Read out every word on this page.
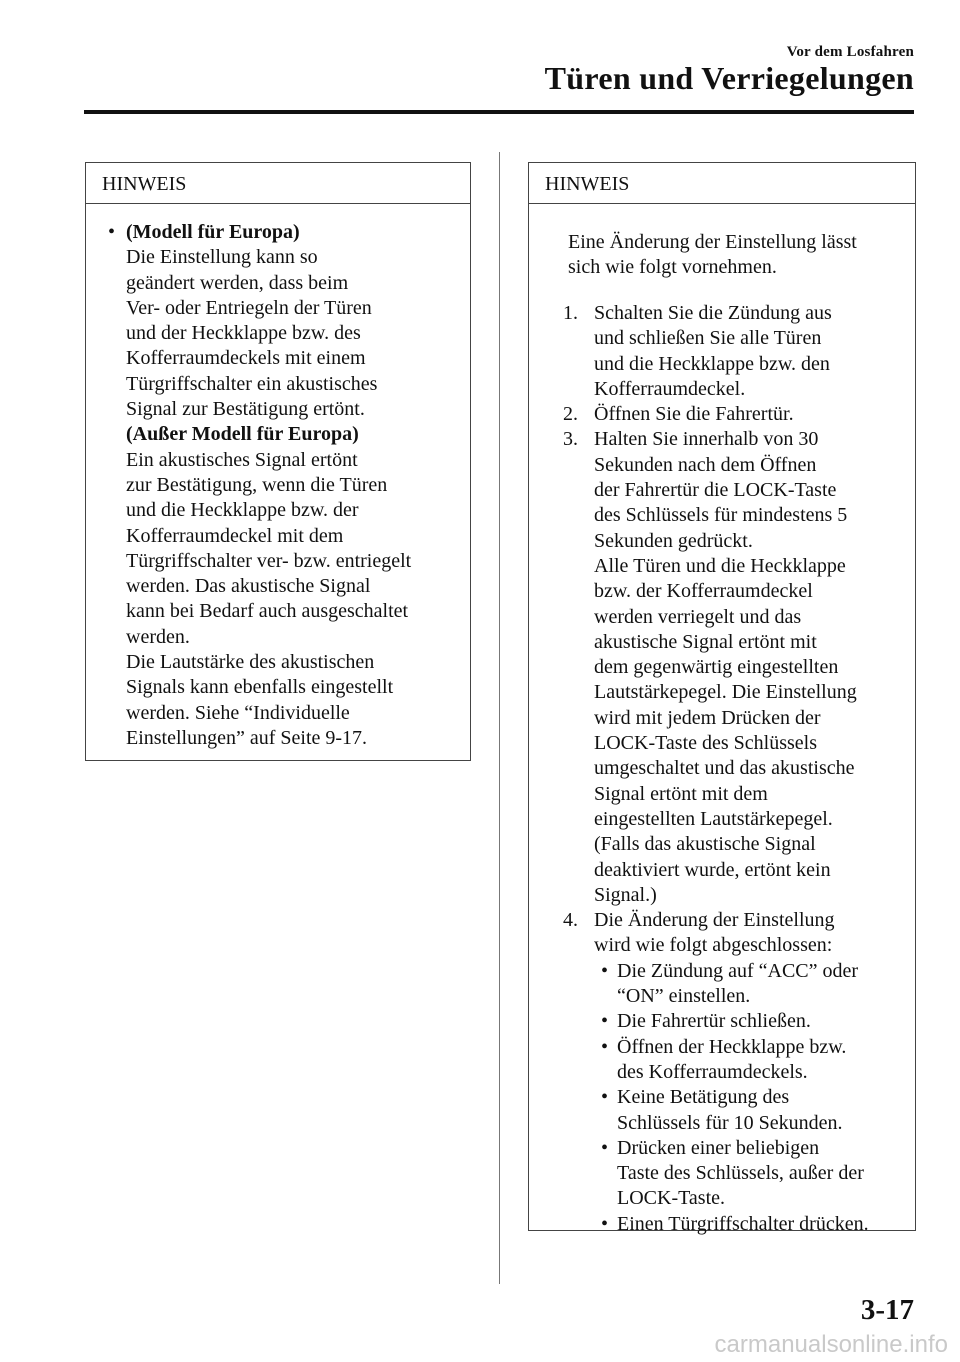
Vor dem Losfahren
Türen und Verriegelungen
HINWEIS
• (Modell für Europa)
Die Einstellung kann so
geändert werden, dass beim
Ver- oder Entriegeln der Türen
und der Heckklappe bzw. des
Kofferraumdeckels mit einem
Türgriffschalter ein akustisches
Signal zur Bestätigung ertönt.
(Außer Modell für Europa)
Ein akustisches Signal ertönt
zur Bestätigung, wenn die Türen
und die Heckklappe bzw. der
Kofferraumdeckel mit dem
Türgriffschalter ver- bzw. entriegelt
werden. Das akustische Signal
kann bei Bedarf auch ausgeschaltet
werden.
Die Lautstärke des akustischen
Signals kann ebenfalls eingestellt
werden. Siehe “Individuelle
Einstellungen” auf Seite 9-17.
HINWEIS
Eine Änderung der Einstellung lässt
sich wie folgt vornehmen.
1. Schalten Sie die Zündung aus
und schließen Sie alle Türen
und die Heckklappe bzw. den
Kofferraumdeckel.
2. Öffnen Sie die Fahrertür.
3. Halten Sie innerhalb von 30
Sekunden nach dem Öffnen
der Fahrertür die LOCK-Taste
des Schlüssels für mindestens 5
Sekunden gedrückt.
Alle Türen und die Heckklappe
bzw. der Kofferraumdeckel
werden verriegelt und das
akustische Signal ertönt mit
dem gegenwärtig eingestellten
Lautstärkepegel. Die Einstellung
wird mit jedem Drücken der
LOCK-Taste des Schlüssels
umgeschaltet und das akustische
Signal ertönt mit dem
eingestellten Lautstärkepegel.
(Falls das akustische Signal
deaktiviert wurde, ertönt kein
Signal.)
4. Die Änderung der Einstellung
wird wie folgt abgeschlossen:
• Die Zündung auf “ACC” oder
“ON” einstellen.
• Die Fahrertür schließen.
• Öffnen der Heckklappe bzw.
des Kofferraumdeckels.
• Keine Betätigung des
Schlüssels für 10 Sekunden.
• Drücken einer beliebigen
Taste des Schlüssels, außer der
LOCK-Taste.
• Einen Türgriffschalter drücken.
3-17
carmanualsonline.info
